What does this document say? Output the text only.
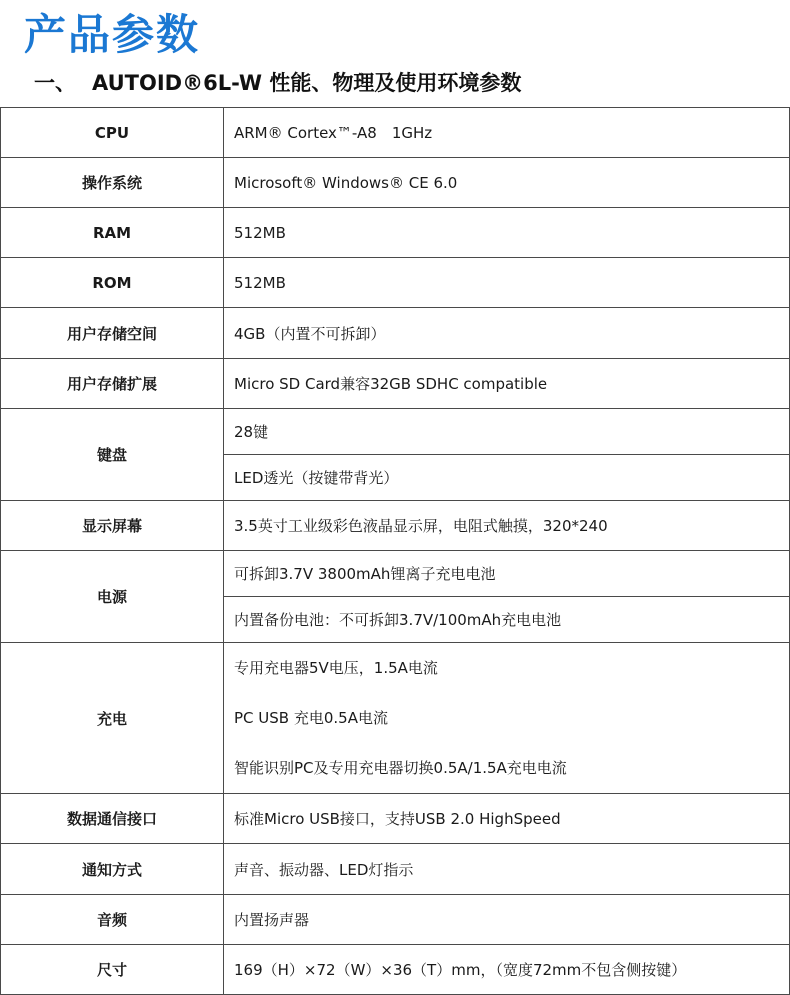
产品参数
一、 AUTOID®6L-W 性能、物理及使用环境参数
CPU	ARM® Cortex™-A8　1GHz
操作系统	Microsoft® Windows® CE 6.0
RAM	512MB
ROM	512MB
用户存储空间	4GB（内置不可拆卸）
用户存储扩展	Micro SD Card兼容32GB SDHC compatible
键盘	28键
	LED透光（按键带背光）
显示屏幕	3.5英寸工业级彩色液晶显示屏，电阻式触摸，320*240
电源	可拆卸3.7V 3800mAh锂离子充电电池
	内置备份电池：不可拆卸3.7V/100mAh充电电池
充电	专用充电器5V电压，1.5A电流
PC USB 充电0.5A电流
智能识别PC及专用充电器切换0.5A/1.5A充电电流

数据通信接口	标准Micro USB接口，支持USB 2.0 HighSpeed
通知方式	声音、振动器、LED灯指示
音频	内置扬声器
尺寸	169（H）×72（W）×36（T）mm，（宽度72mm不包含侧按键）
